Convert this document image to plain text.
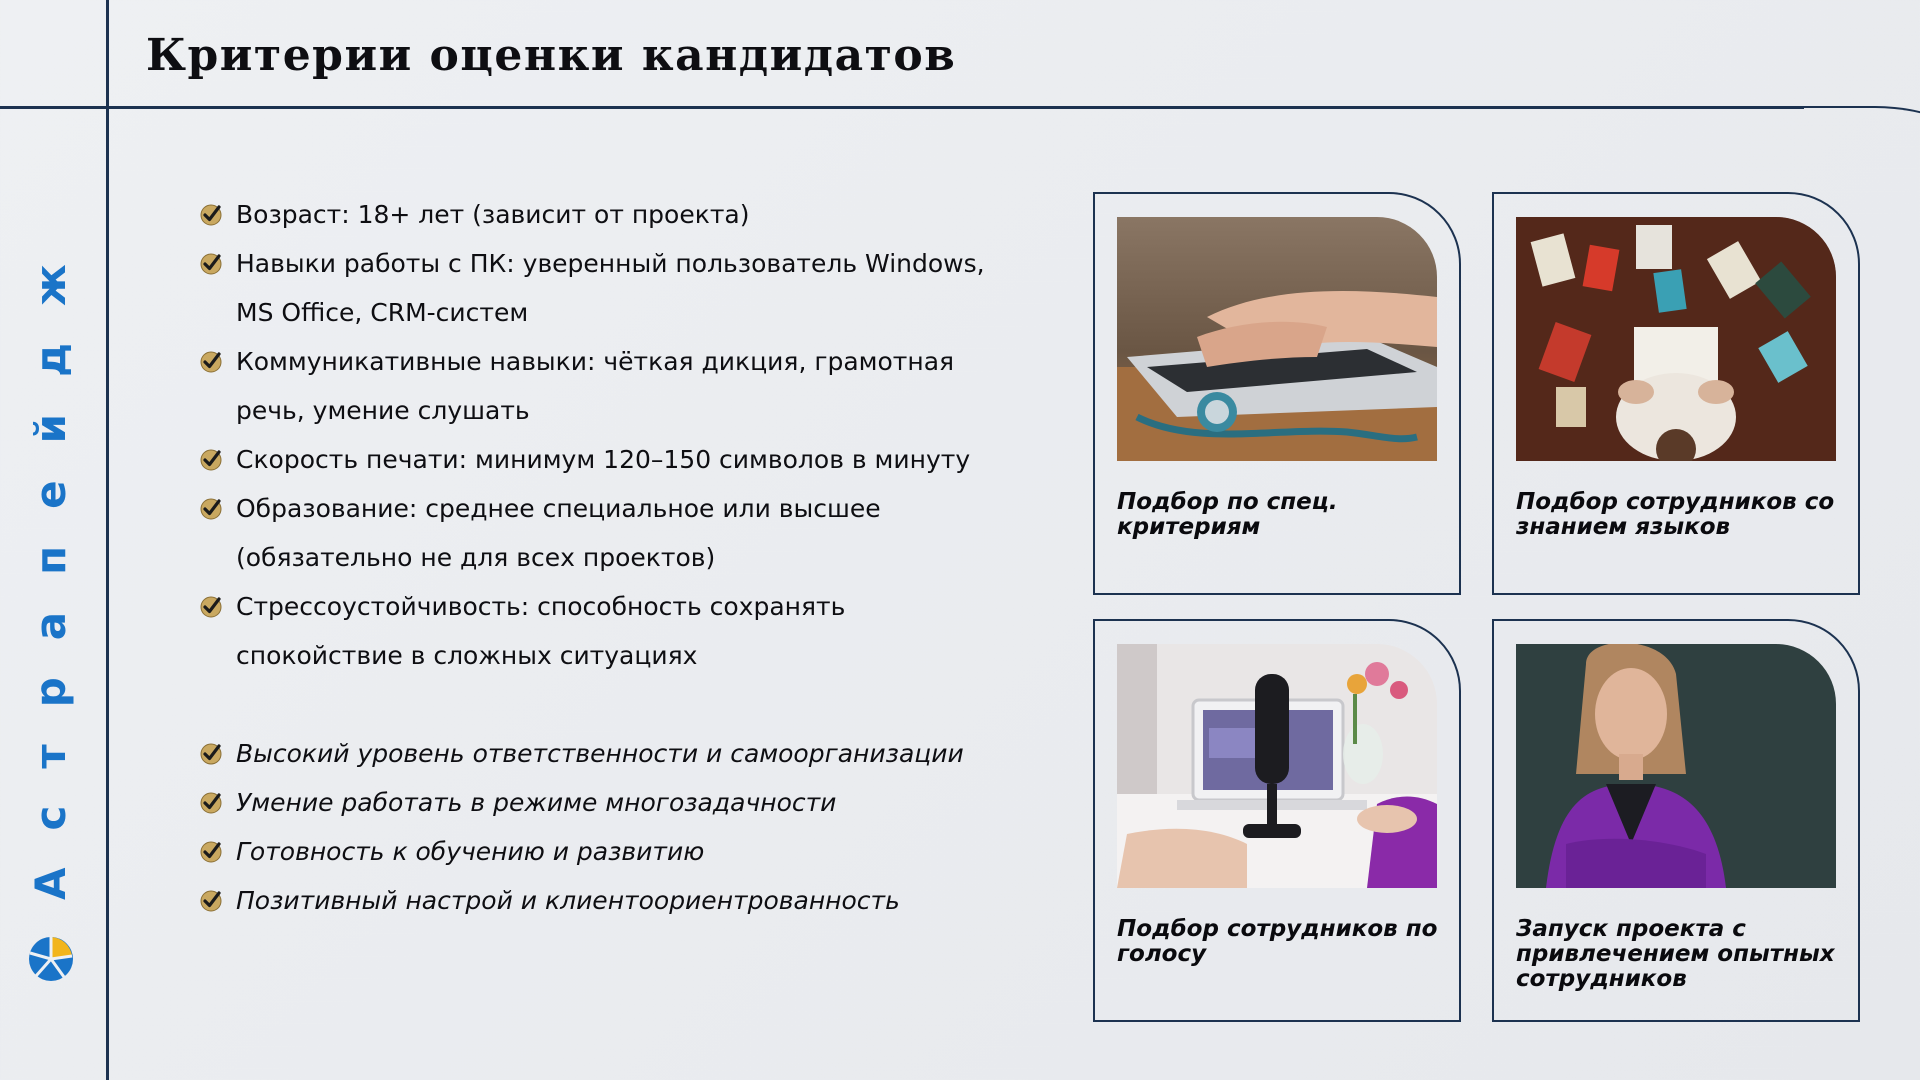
Критерии оценки кандидатов
Астрапейдж
Возраст: 18+ лет (зависит от проекта)
Навыки работы с ПК: уверенный пользователь Windows, MS Office, CRM-систем
Коммуникативные навыки: чёткая дикция, грамотная речь, умение слушать
Скорость печати: минимум 120–150 символов в минуту
Образование: среднее специальное или высшее (обязательно не для всех проектов)
Стрессоустойчивость: способность сохранять спокойствие в сложных ситуациях
Высокий уровень ответственности и самоорганизации
Умение работать в режиме многозадачности
Готовность к обучению и развитию
Позитивный настрой и клиентоориентрованность
Подбор по спец. критериям
Подбор сотрудников со знанием языков
Подбор сотрудников по голосу
Запуск проекта с привлечением опытных сотрудников
